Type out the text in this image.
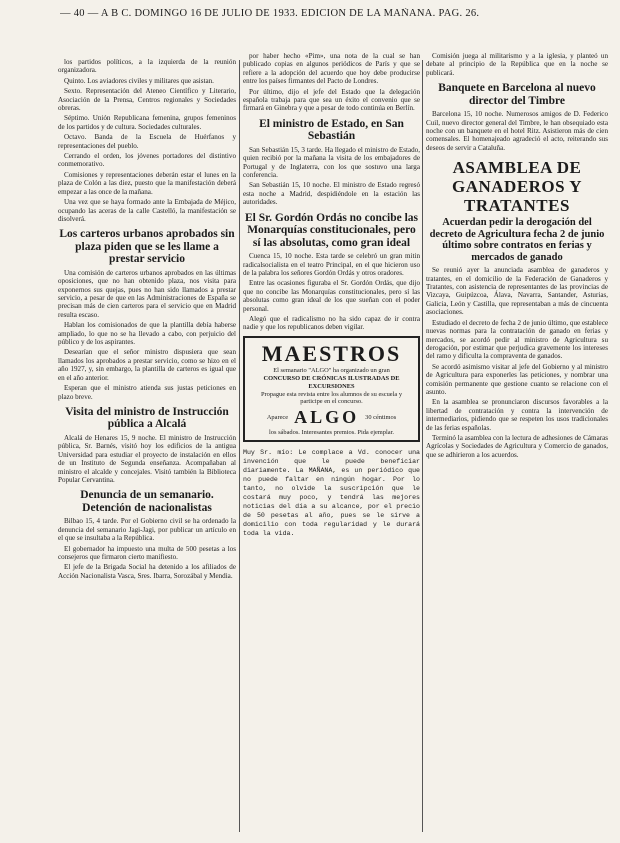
— 40 — A B C. DOMINGO 16 DE JULIO DE 1933. EDICION DE LA MAÑANA. PAG. 26.

los partidos políticos, a la izquierda de la reunión organizadora.

Quinto. Los aviadores civiles y militares que asistan.

Sexto. Representación del Ateneo Científico y Literario, Asociación de la Prensa, Centros regionales y Sociedades obreras.

Séptimo. Unión Republicana femenina, grupos femeninos de los partidos y de cultura. Sociedades culturales.

Octavo. Banda de la Escuela de Huérfanos y representaciones del pueblo.

Cerrando el orden, los jóvenes portadores del distintivo conmemorativo.

Comisiones y representaciones deberán estar el lunes en la plaza de Colón a las diez, puesto que la manifestación deberá empezar a las once de la mañana.

Una vez que se haya formado ante la Embajada de Méjico, ocupando las aceras de la calle Castelló, la manifestación se disolverá.

Los carteros urbanos aprobados sin plaza piden que se les llame a prestar servicio

Una comisión de carteros urbanos aprobados en las últimas oposiciones, que no han obtenido plaza, nos visita para exponernos sus quejas, pues no han sido llamados a prestar servicio, a pesar de que en las Administraciones de España se precisan más de cien carteros para el servicio que en Madrid resulta escaso.

Hablan los comisionados de que la plantilla debía haberse ampliado, lo que no se ha llevado a cabo, con perjuicio del público y de los aspirantes.

Desearían que el señor ministro dispusiera que sean llamados los aprobados a prestar servicio, como se hizo en el año 1927, y, sin embargo, la plantilla de carteros es igual que en el año anterior.

Esperan que el ministro atienda sus justas peticiones en plazo breve.

Visita del ministro de Instrucción pública a Alcalá

Alcalá de Henares 15, 9 noche. El ministro de Instrucción pública, Sr. Barnés, visitó hoy los edificios de la antigua Universidad para estudiar el proyecto de instalación en ellos de un Instituto de Segunda enseñanza. Acompañaban al ministro el alcalde y concejales. Visitó también la Biblioteca Popular Cervantina.

Denuncia de un semanario. Detención de nacionalistas

Bilbao 15, 4 tarde. Por el Gobierno civil se ha ordenado la denuncia del semanario Jagi-Jagi, por publicar un artículo en el que se insultaba a la República.

El gobernador ha impuesto una multa de 500 pesetas a los consejeros que firmaron cierto manifiesto.

El jefe de la Brigada Social ha detenido a los afiliados de Acción Nacionalista Vasca, Sres. Ibarra, Sorozábal y Mendia.

por haber hecho «Pim», una nota de la cual se han publicado copias en algunos periódicos de París y que se refiere a la adopción del acuerdo que hoy debe producirse entre los países firmantes del Pacto de Londres.

Por último, dijo el jefe del Estado que la delegación española trabaja para que sea un éxito el convenio que se firmará en Ginebra y que a pesar de todo continúa en Berlín.

El ministro de Estado, en San Sebastián

San Sebastián 15, 3 tarde. Ha llegado el ministro de Estado, quien recibió por la mañana la visita de los embajadores de Portugal y de Inglaterra, con los que sostuvo una larga conferencia.

San Sebastián 15, 10 noche. El ministro de Estado regresó esta noche a Madrid, despidiéndole en la estación las autoridades.

El Sr. Gordón Ordás no concibe las Monarquías constitucionales, pero sí las absolutas, como gran ideal

Cuenca 15, 10 noche. Esta tarde se celebró un gran mitin radicalsocialista en el teatro Principal, en el que hicieron uso de la palabra los señores Gordón Ordás y otros oradores.

Entre las ocasiones figuraba el Sr. Gordón Ordás, que dijo que no concibe las Monarquías constitucionales, pero sí las absolutas como gran ideal de los que sueñan con el poder personal.

Alegó que el radicalismo no ha sido capaz de ir contra nadie y que los republicanos deben vigilar.

MAESTROS
El semanario "ALGO" ha organizado un gran
CONCURSO DE CRÓNICAS ILUSTRADAS DE EXCURSIONES
Propague esta revista entre los alumnos de su escuela y participe en el concurso.
Aparece ALGO 30 céntimos
los sábados. Interesantes premios. Pida ejemplar.
Muy Sr. mío: Le complace a Vd. conocer una invención que le puede beneficiar diariamente. La MAÑANA, es un periódico que no puede faltar en ningún hogar. Por lo tanto, no olvide la suscripción que le costará muy poco, y tendrá las mejores noticias del día a su alcance, por el precio de 50 pesetas al año, pues se le sirve a domicilio con toda regularidad y le durará toda la vida.

Comisión juega al militarismo y a la iglesia, y planteó un debate al principio de la República que en la noche se publicará.

Banquete en Barcelona al nuevo director del Timbre

Barcelona 15, 10 noche. Numerosos amigos de D. Federico Cuil, nuevo director general del Timbre, le han obsequiado esta noche con un banquete en el hotel Ritz. Asistieron más de cien comensales. El homenajeado agradeció el acto, reiterando sus deseos de servir a Cataluña.

ASAMBLEA DE GANADEROS Y TRATANTES
Acuerdan pedir la derogación del decreto de Agricultura fecha 2 de junio último sobre contratos en ferias y mercados de ganado

Se reunió ayer la anunciada asamblea de ganaderos y tratantes, en el domicilio de la Federación de Ganaderos y Tratantes, con asistencia de representantes de las provincias de Vizcaya, Guipúzcoa, Álava, Navarra, Santander, Asturias, Galicia, León y Castilla, que representaban a más de cincuenta asociaciones.

Estudiado el decreto de fecha 2 de junio último, que establece nuevas normas para la contratación de ganado en ferias y mercados, se acordó pedir al ministro de Agricultura su derogación, por estimar que perjudica gravemente los intereses del ramo y dificulta la compraventa de ganados.

Se acordó asimismo visitar al jefe del Gobierno y al ministro de Agricultura para exponerles las peticiones, y nombrar una comisión permanente que gestione cuanto se relacione con el asunto.

En la asamblea se pronunciaron discursos favorables a la libertad de contratación y contra la intervención de intermediarios, pidiendo que se respeten los usos tradicionales de las ferias españolas.

Terminó la asamblea con la lectura de adhesiones de Cámaras Agrícolas y Sociedades de Agricultura y Comercio de ganados, que se adhirieron a los acuerdos.
